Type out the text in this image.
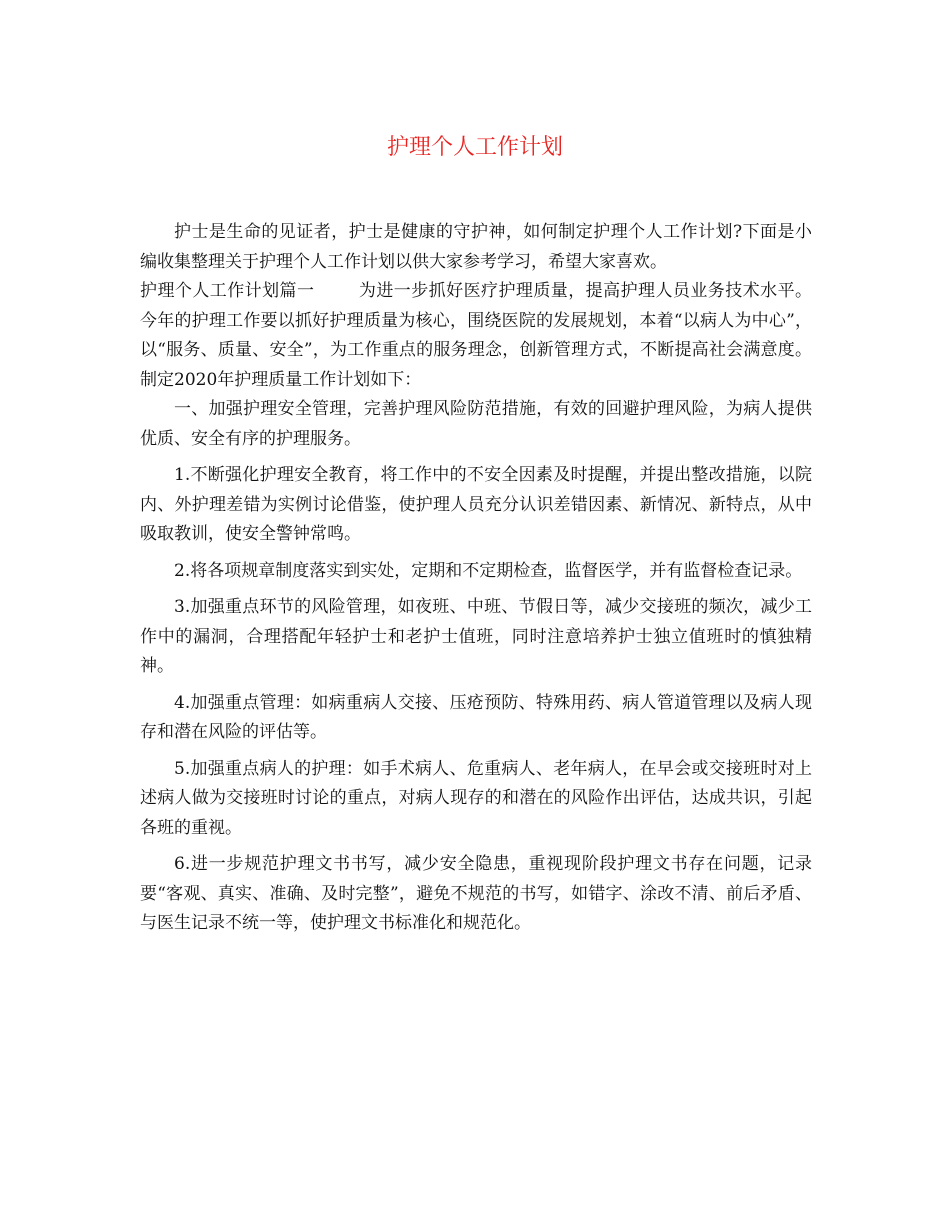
护理个人工作计划

护士是生命的见证者，护士是健康的守护神，如何制定护理个人工作计划?下面是小编收集整理关于护理个人工作计划以供大家参考学习，希望大家喜欢。

护理个人工作计划篇一	为进一步抓好医疗护理质量，提高护理人员业务技术水平。今年的护理工作要以抓好护理质量为核心，围绕医院的发展规划，本着“以病人为中心”，以“服务、质量、安全”，为工作重点的服务理念，创新管理方式，不断提高社会满意度。制定2020年护理质量工作计划如下：

一、加强护理安全管理，完善护理风险防范措施，有效的回避护理风险，为病人提供优质、安全有序的护理服务。

1.不断强化护理安全教育，将工作中的不安全因素及时提醒，并提出整改措施，以院内、外护理差错为实例讨论借鉴，使护理人员充分认识差错因素、新情况、新特点，从中吸取教训，使安全警钟常鸣。

2.将各项规章制度落实到实处，定期和不定期检查，监督医学，并有监督检查记录。

3.加强重点环节的风险管理，如夜班、中班、节假日等，减少交接班的频次，减少工作中的漏洞，合理搭配年轻护士和老护士值班，同时注意培养护士独立值班时的慎独精神。

4.加强重点管理：如病重病人交接、压疮预防、特殊用药、病人管道管理以及病人现存和潜在风险的评估等。

5.加强重点病人的护理：如手术病人、危重病人、老年病人，在早会或交接班时对上述病人做为交接班时讨论的重点，对病人现存的和潜在的风险作出评估，达成共识，引起各班的重视。

6.进一步规范护理文书书写，减少安全隐患，重视现阶段护理文书存在问题，记录要“客观、真实、准确、及时完整”，避免不规范的书写，如错字、涂改不清、前后矛盾、与医生记录不统一等，使护理文书标准化和规范化。
